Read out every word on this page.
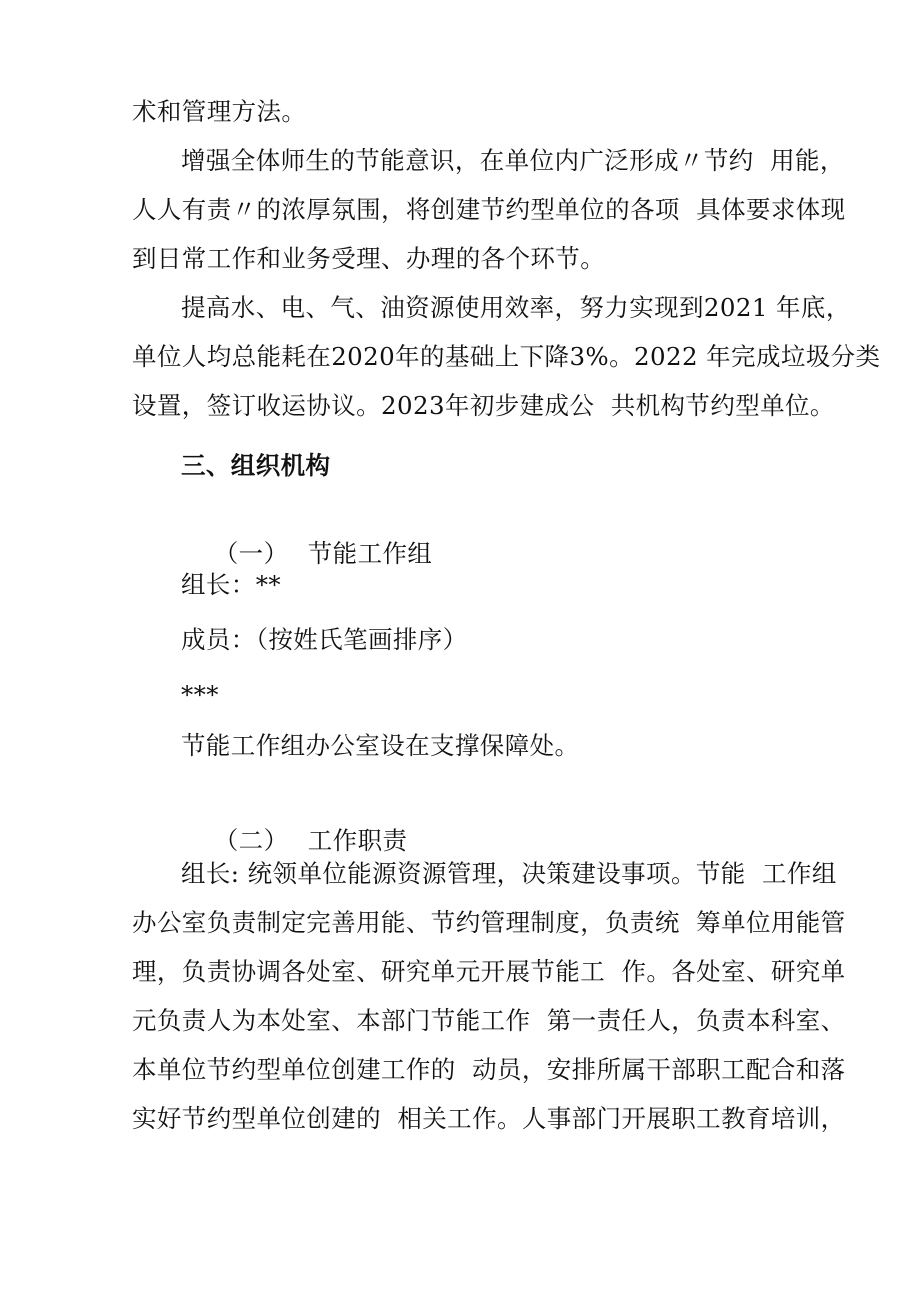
术和管理方法。
增强全体师生的节能意识，在单位内广泛形成〃节约  用能，
人人有责〃的浓厚氛围，将创建节约型单位的各项  具体要求体现
到日常工作和业务受理、办理的各个环节。
提高水、电、气、油资源使用效率，努力实现到2021 年底，
单位人均总能耗在2020年的基础上下降3%。2022 年完成垃圾分类
设置，签订收运协议。2023年初步建成公  共机构节约型单位。
三、组织机构

（一） 节能工作组

组长：**
成员：（按姓氏笔画排序）
***
节能工作组办公室设在支撑保障处。

（二） 工作职责

组长: 统领单位能源资源管理，决策建设事项。节能  工作组
办公室负责制定完善用能、节约管理制度，负责统  筹单位用能管
理，负责协调各处室、研究单元开展节能工  作。各处室、研究单
元负责人为本处室、本部门节能工作  第一责任人，负责本科室、
本单位节约型单位创建工作的  动员，安排所属干部职工配合和落
实好节约型单位创建的  相关工作。人事部门开展职工教育培训，
